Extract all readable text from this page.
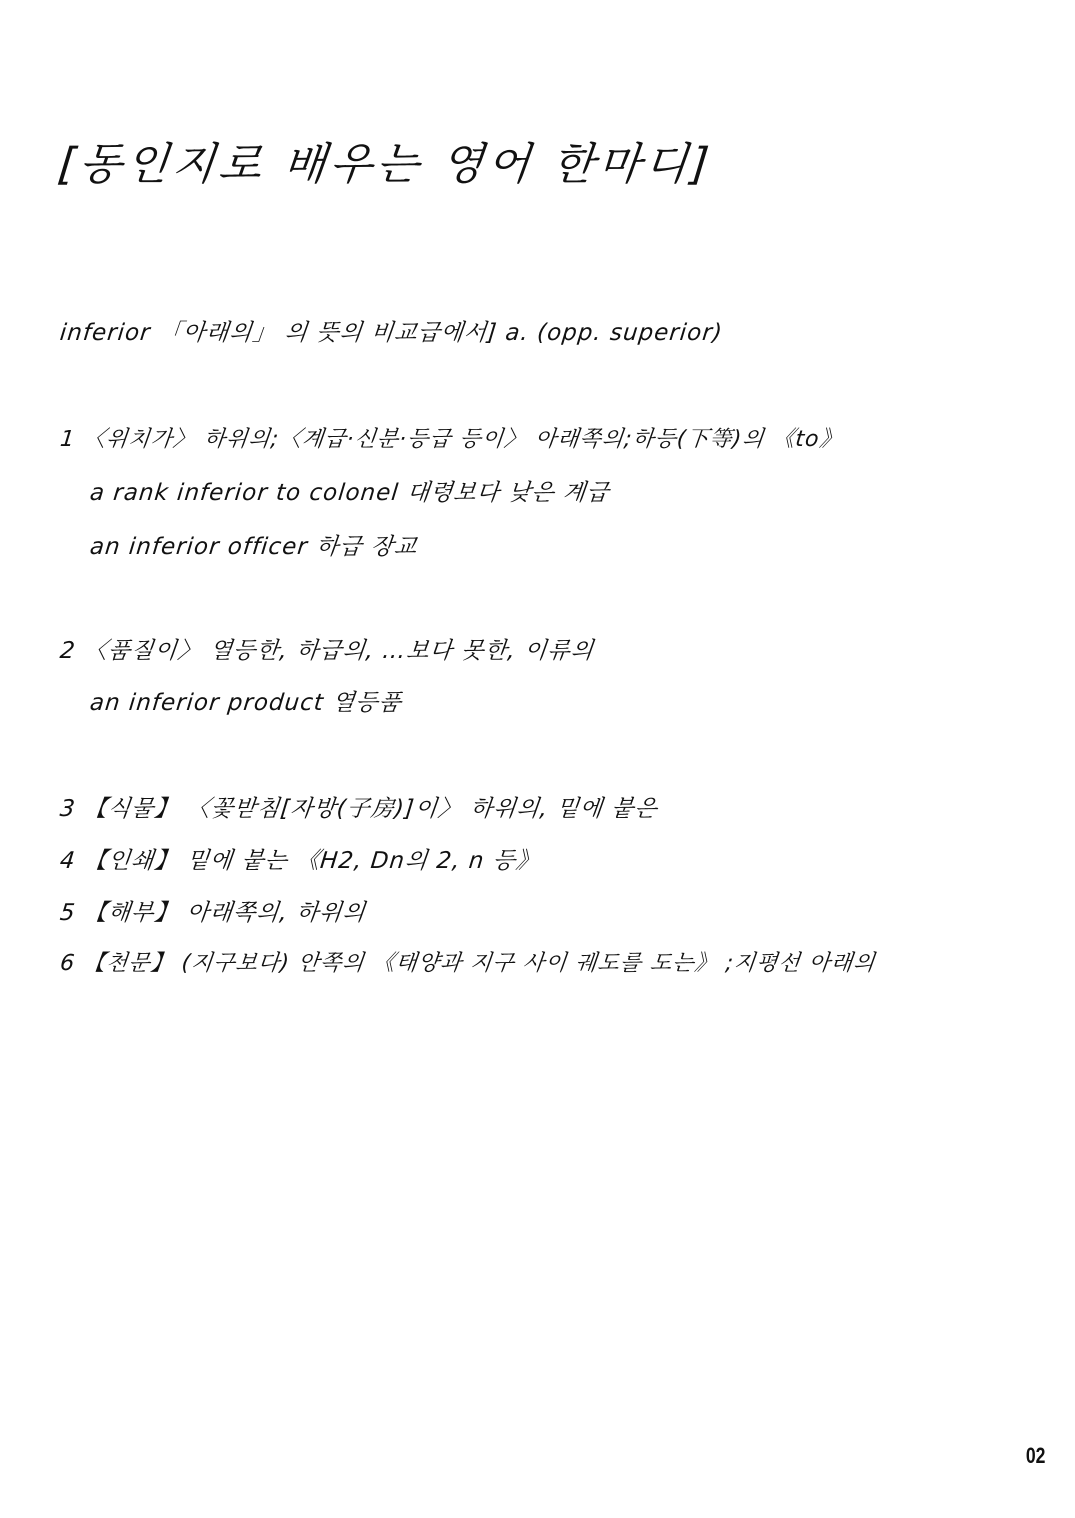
[동인지로 배우는 영어 한마디]
inferior 「아래의」 의 뜻의 비교급에서] a. (opp. superior)
1 〈위치가〉 하위의;〈계급·신분·등급 등이〉 아래쪽의;하등(下等)의 《to》
a rank inferior to colonel 대령보다 낮은 계급
an inferior officer 하급 장교
2 〈품질이〉 열등한, 하급의, …보다 못한, 이류의
an inferior product 열등품
3 【식물】 〈꽃받침[자방(子房)]이〉 하위의, 밑에 붙은
4 【인쇄】 밑에 붙는 《H2, Dn의 2, n 등》
5 【해부】 아래쪽의, 하위의
6 【천문】 (지구보다) 안쪽의 《태양과 지구 사이 궤도를 도는》 ;지평선 아래의
02
